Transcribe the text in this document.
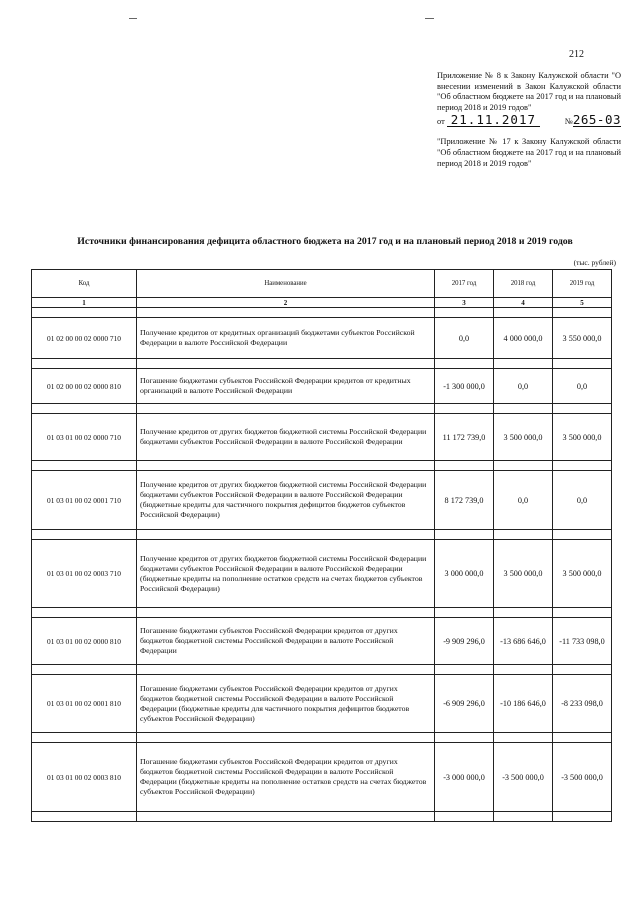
212

Приложение № 8 к Закону Калужской области "О внесении изменений в Закон Калужской области "Об областном бюджете на 2017 год и на плановый период 2018 и 2019 годов"

от 21.11.2017	№ 265-03

"Приложение № 17 к Закону Калужской области "Об областном бюджете на 2017 год и на плановый период 2018 и 2019 годов"

Источники финансирования дефицита областного бюджета на 2017 год и на плановый период 2018 и 2019 годов
(тыс. рублей)
Код	Наименование	2017 год	2018 год	2019 год
1	2	3	4	5

01 02 00 00 02 0000 710	Получение кредитов от кредитных организаций бюджетами субъектов Российской Федерации в валюте Российской Федерации	0,0	4 000 000,0	3 550 000,0

01 02 00 00 02 0000 810	Погашение бюджетами субъектов Российской Федерации кредитов от кредитных организаций в валюте Российской Федерации	-1 300 000,0	0,0	0,0

01 03 01 00 02 0000 710	Получение кредитов от других бюджетов бюджетной системы Российской Федерации бюджетами субъектов Российской Федерации в валюте Российской Федерации	11 172 739,0	3 500 000,0	3 500 000,0

01 03 01 00 02 0001 710	Получение кредитов от других бюджетов бюджетной системы Российской Федерации бюджетами субъектов Российской Федерации в валюте Российской Федерации (бюджетные кредиты для частичного покрытия дефицитов бюджетов субъектов Российской Федерации)	8 172 739,0	0,0	0,0

01 03 01 00 02 0003 710	Получение кредитов от других бюджетов бюджетной системы Российской Федерации бюджетами субъектов Российской Федерации в валюте Российской Федерации (бюджетные кредиты на пополнение остатков средств на счетах бюджетов субъектов Российской Федерации)	3 000 000,0	3 500 000,0	3 500 000,0

01 03 01 00 02 0000 810	Погашение бюджетами субъектов Российской Федерации кредитов от других бюджетов бюджетной системы Российской Федерации в валюте Российской Федерации	-9 909 296,0	-13 686 646,0	-11 733 098,0

01 03 01 00 02 0001 810	Погашение бюджетами субъектов Российской Федерации кредитов от других бюджетов бюджетной системы Российской Федерации в валюте Российской Федерации (бюджетные кредиты для частичного покрытия дефицитов бюджетов субъектов Российской Федерации)	-6 909 296,0	-10 186 646,0	-8 233 098,0

01 03 01 00 02 0003 810	Погашение бюджетами субъектов Российской Федерации кредитов от других бюджетов бюджетной системы Российской Федерации в валюте Российской Федерации (бюджетные кредиты на пополнение остатков средств на счетах бюджетов субъектов Российской Федерации)	-3 000 000,0	-3 500 000,0	-3 500 000,0
